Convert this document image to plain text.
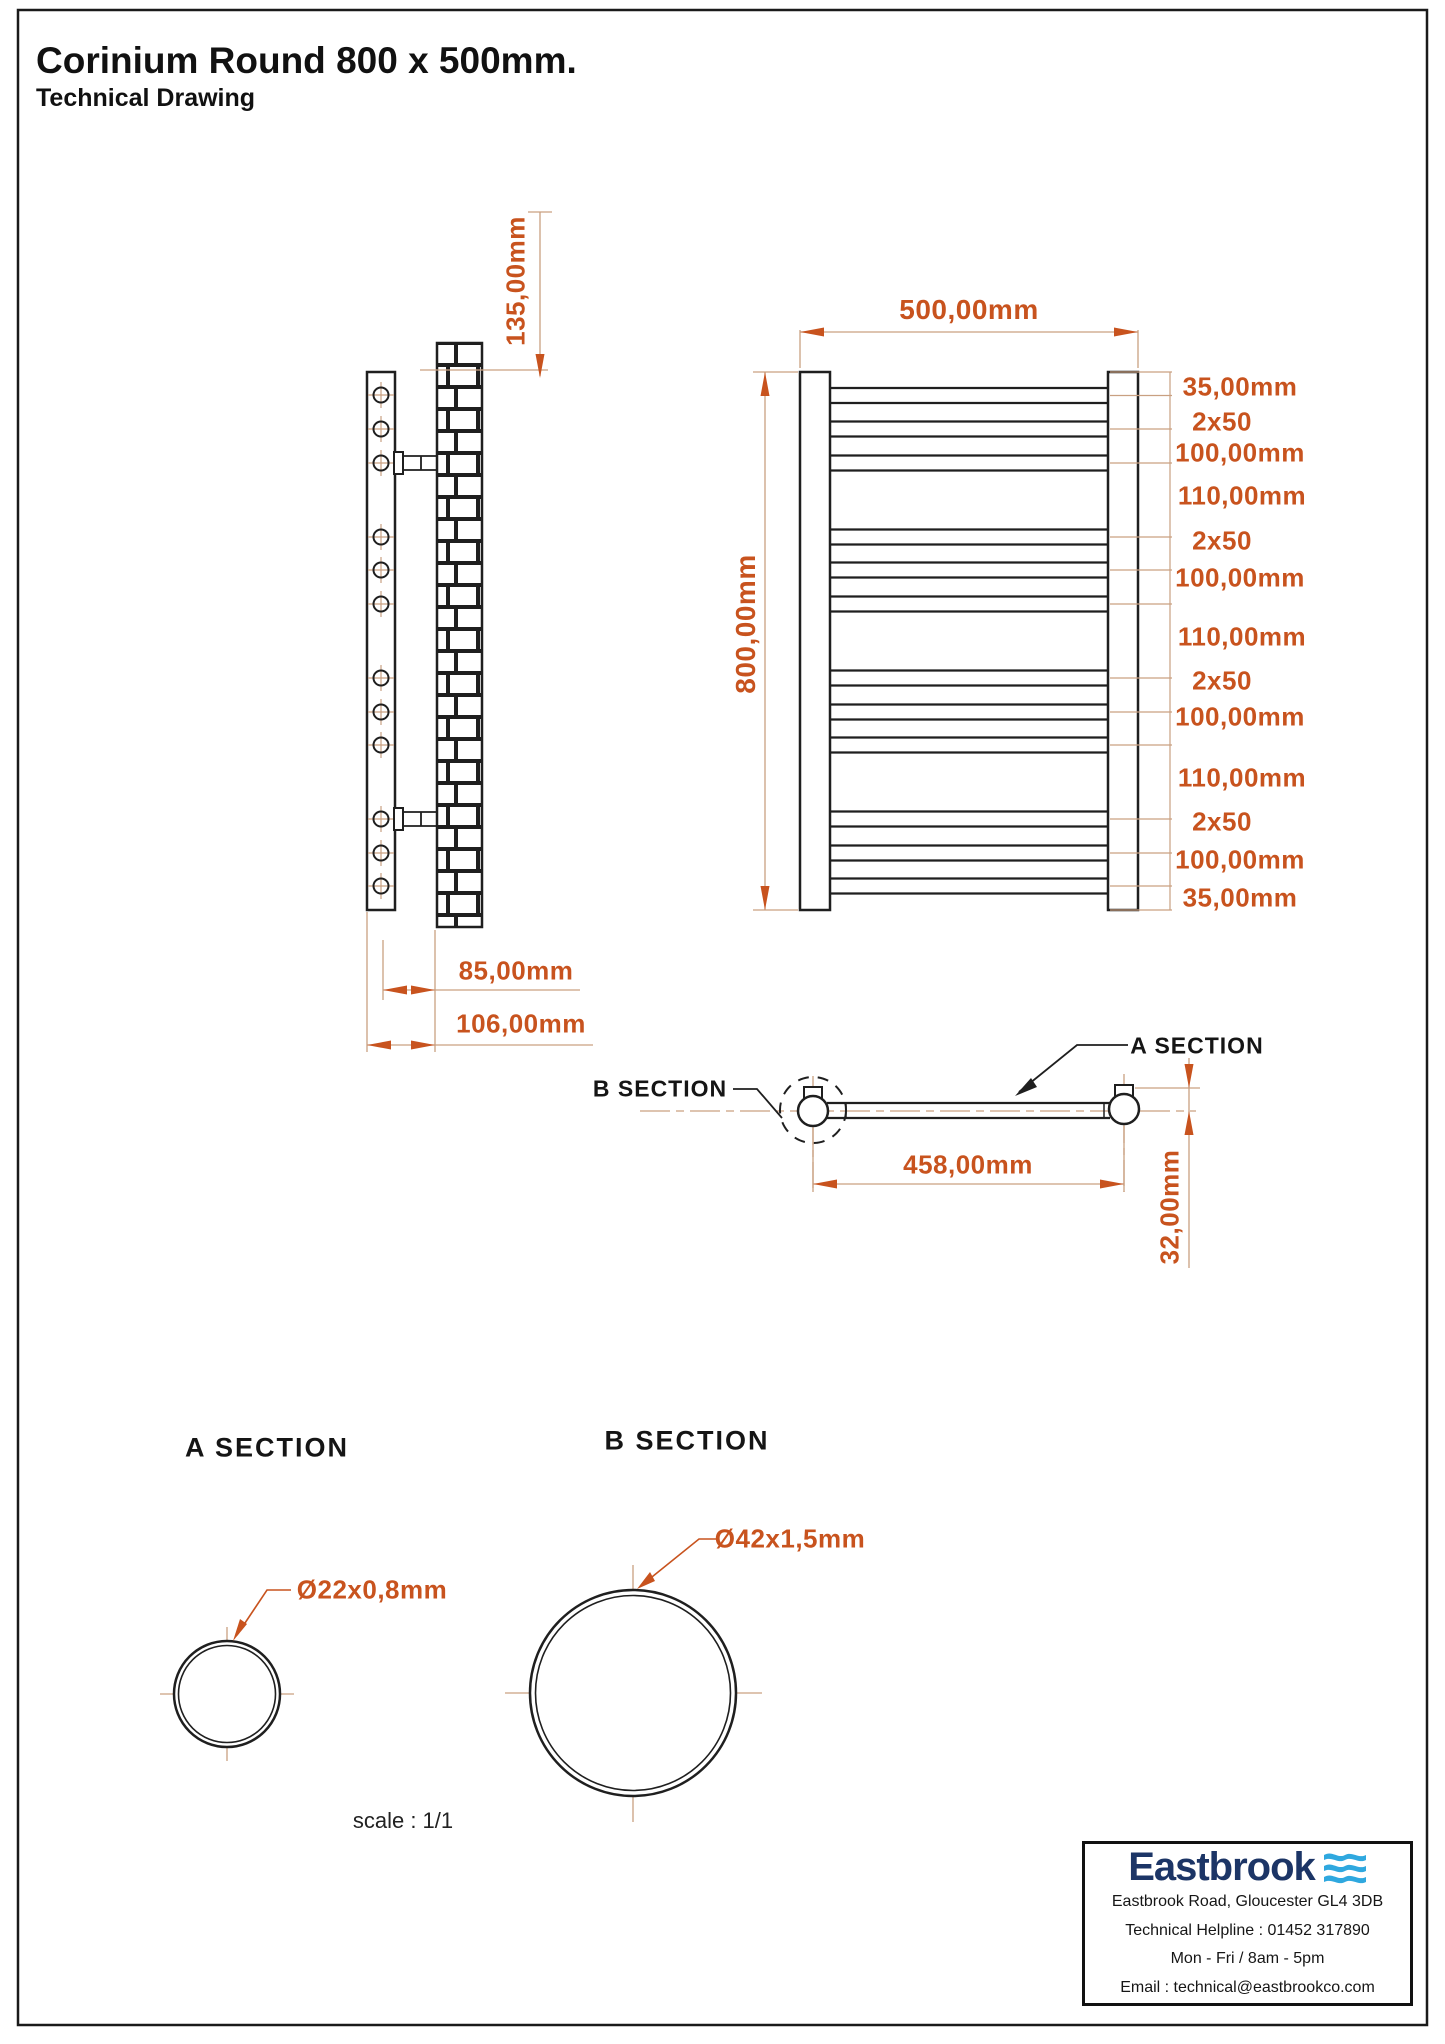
Corinium Round 800 x 500mm.
Technical Drawing
135,00mm
85,00mm
106,00mm
500,00mm
800,00mm
35,00mm
2x50
100,00mm
110,00mm
2x50
100,00mm
110,00mm
2x50
100,00mm
110,00mm
2x50
100,00mm
35,00mm
B SECTION
A SECTION
458,00mm	32,00mm
A SECTION	B SECTION
Ø22x0,8mm
Ø42x1,5mm
scale : 1/1
Eastbrook
Eastbrook Road, Gloucester GL4 3DB
Technical Helpline : 01452 317890
Mon - Fri / 8am - 5pm
Email : technical@eastbrookco.com
